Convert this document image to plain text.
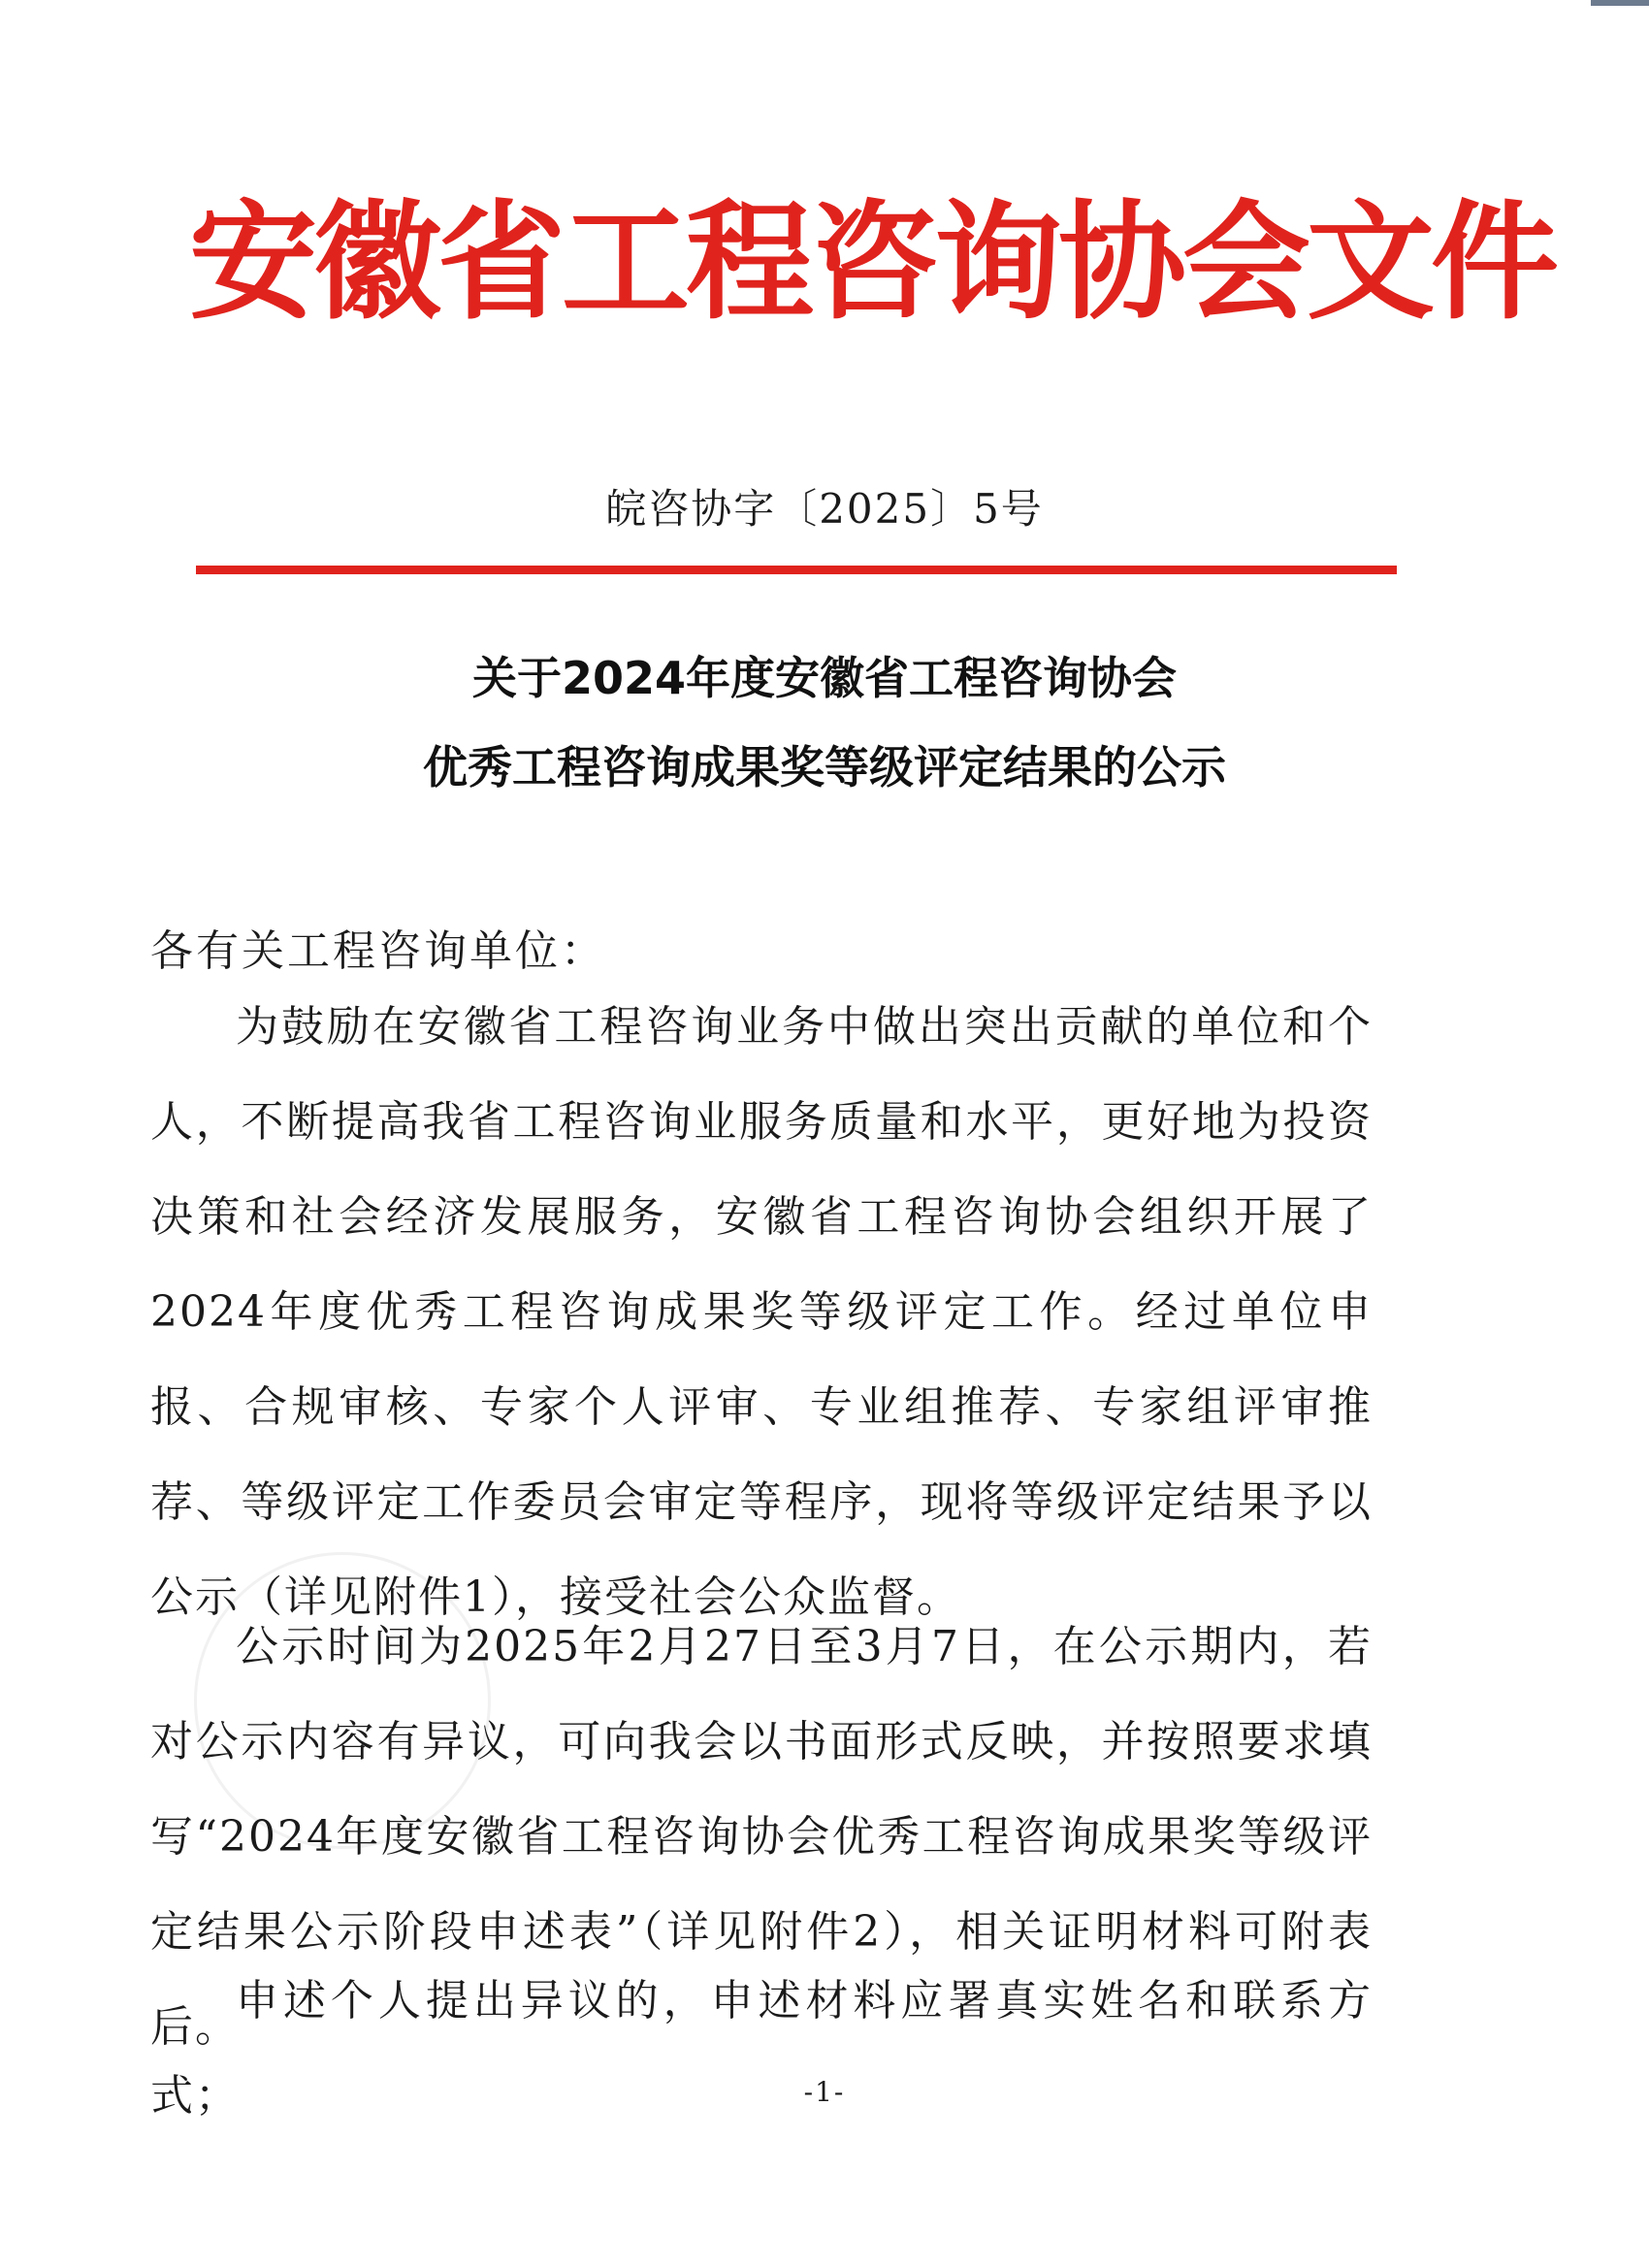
安徽省工程咨询协会文件
皖咨协字〔2025〕5号
关于2024年度安徽省工程咨询协会
优秀工程咨询成果奖等级评定结果的公示
各有关工程咨询单位：
为鼓励在安徽省工程咨询业务中做出突出贡献的单位和个人，不断提高我省工程咨询业服务质量和水平，更好地为投资决策和社会经济发展服务，安徽省工程咨询协会组织开展了2024年度优秀工程咨询成果奖等级评定工作。经过单位申报、合规审核、专家个人评审、专业组推荐、专家组评审推荐、等级评定工作委员会审定等程序，现将等级评定结果予以公示（详见附件1），接受社会公众监督。
公示时间为2025年2月27日至3月7日，在公示期内，若对公示内容有异议，可向我会以书面形式反映，并按照要求填写“2024年度安徽省工程咨询协会优秀工程咨询成果奖等级评定结果公示阶段申述表”（详见附件2），相关证明材料可附表后。
申述个人提出异议的，申述材料应署真实姓名和联系方式；	-1-
